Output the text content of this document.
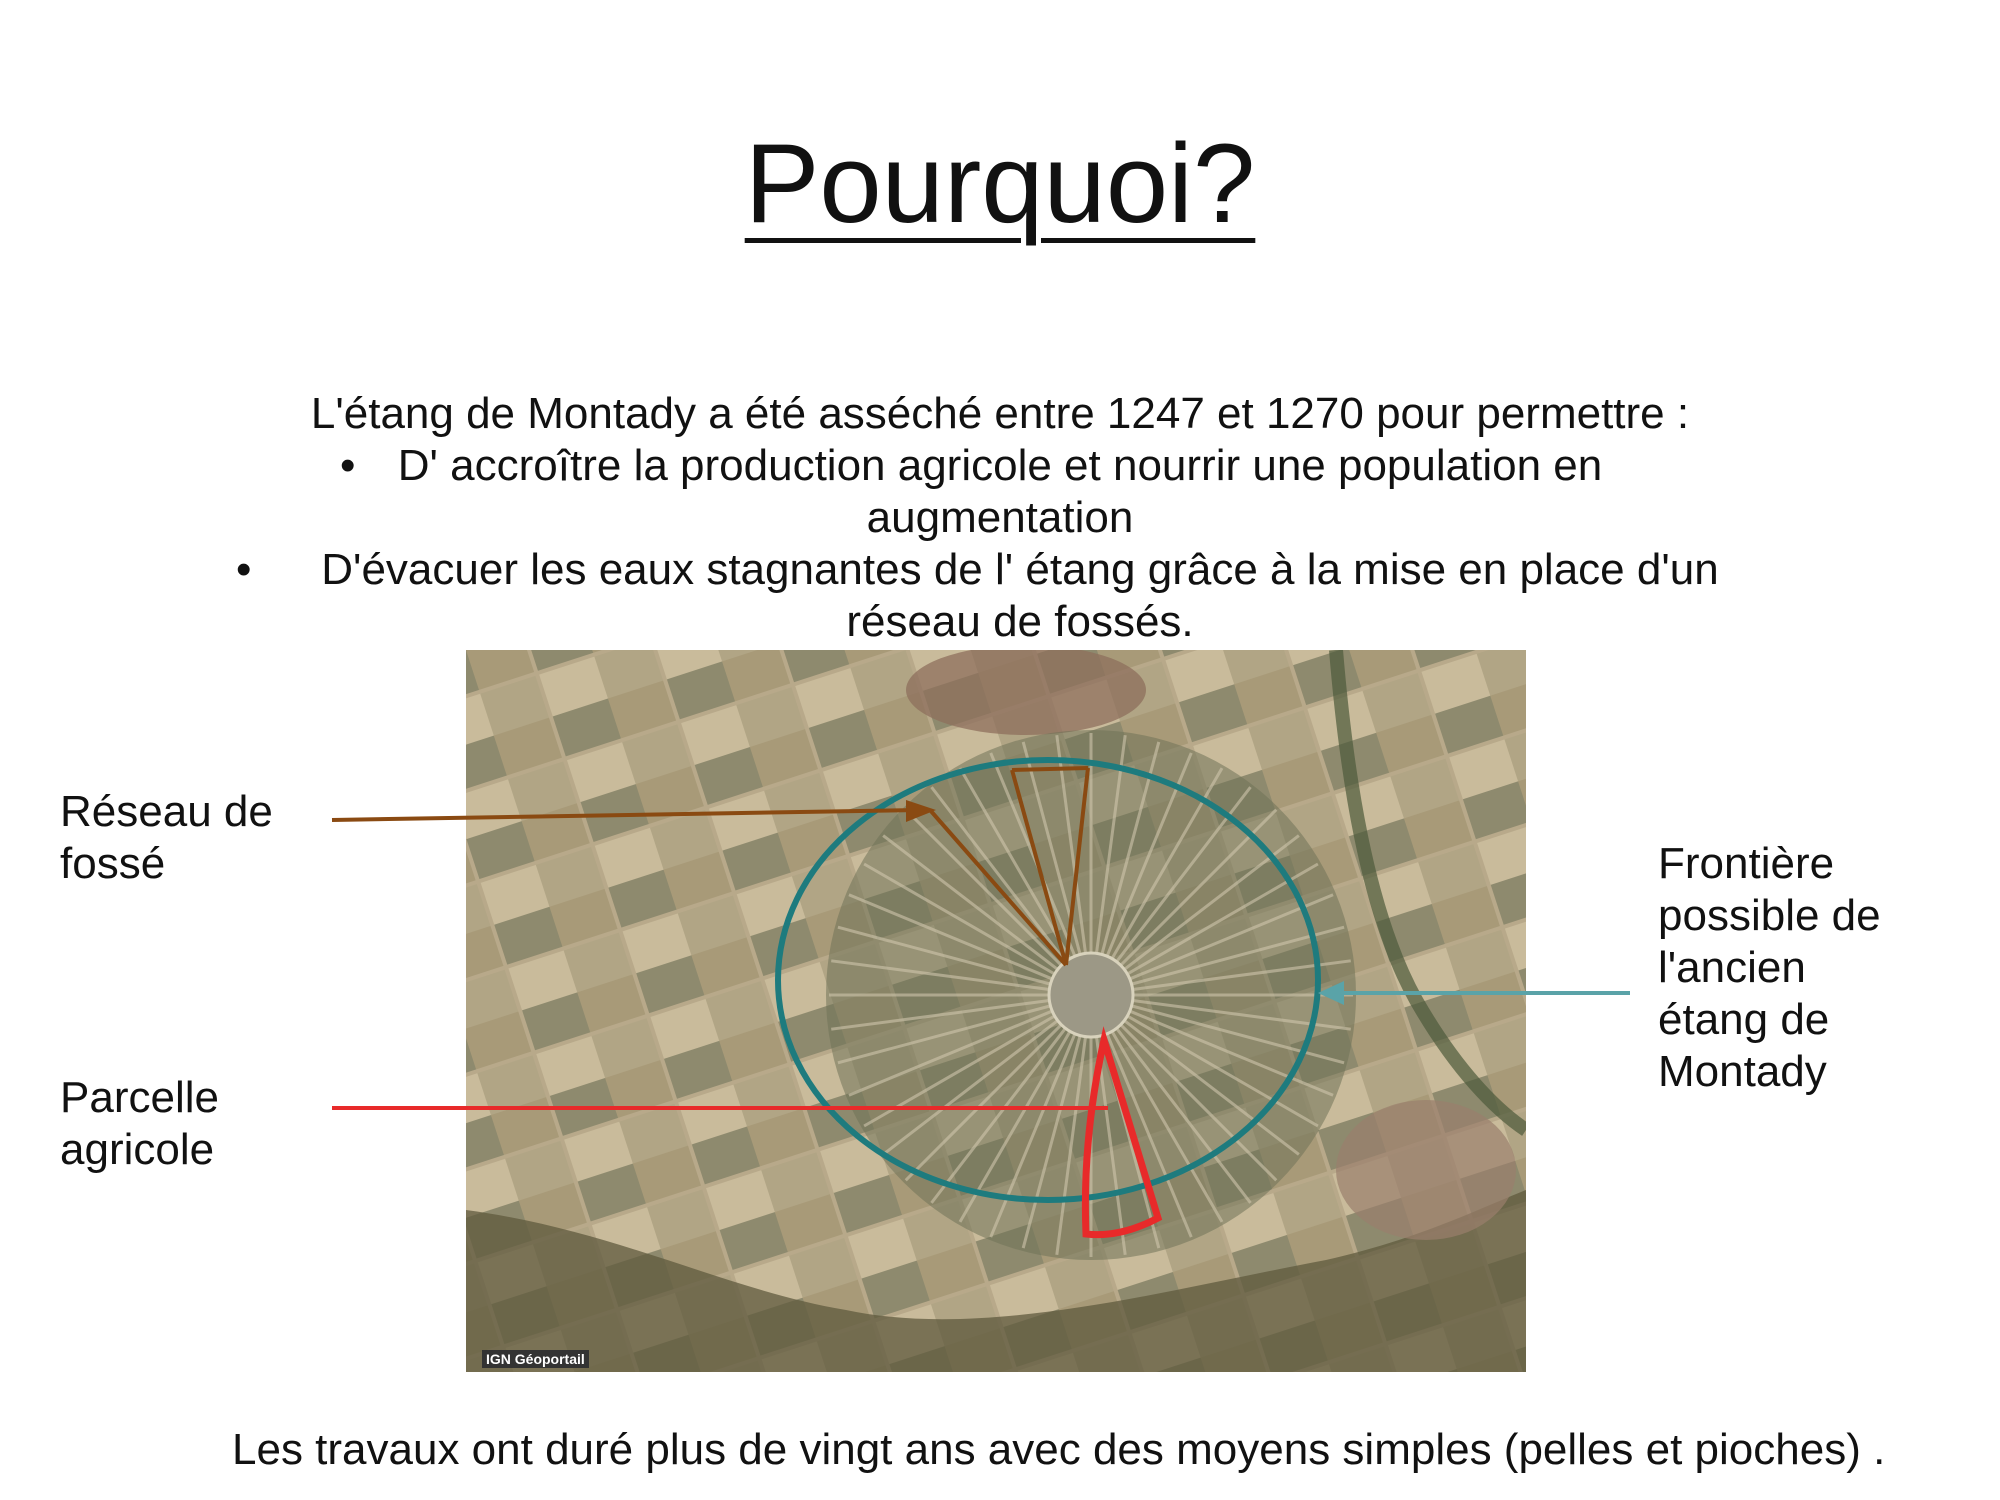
Pourquoi?
L'étang de Montady a été asséché entre 1247 et 1270 pour permettre :
• D' accroître la production agricole et nourrir une population en augmentation
•	D'évacuer les eaux stagnantes de l' étang grâce à la mise en place d'un réseau de fossés.
IGN Géoportail
Réseau de fossé
Parcelle agricole
Frontière possible de l'ancien étang de Montady
Les travaux ont duré plus de vingt ans avec des moyens simples (pelles et pioches) .
